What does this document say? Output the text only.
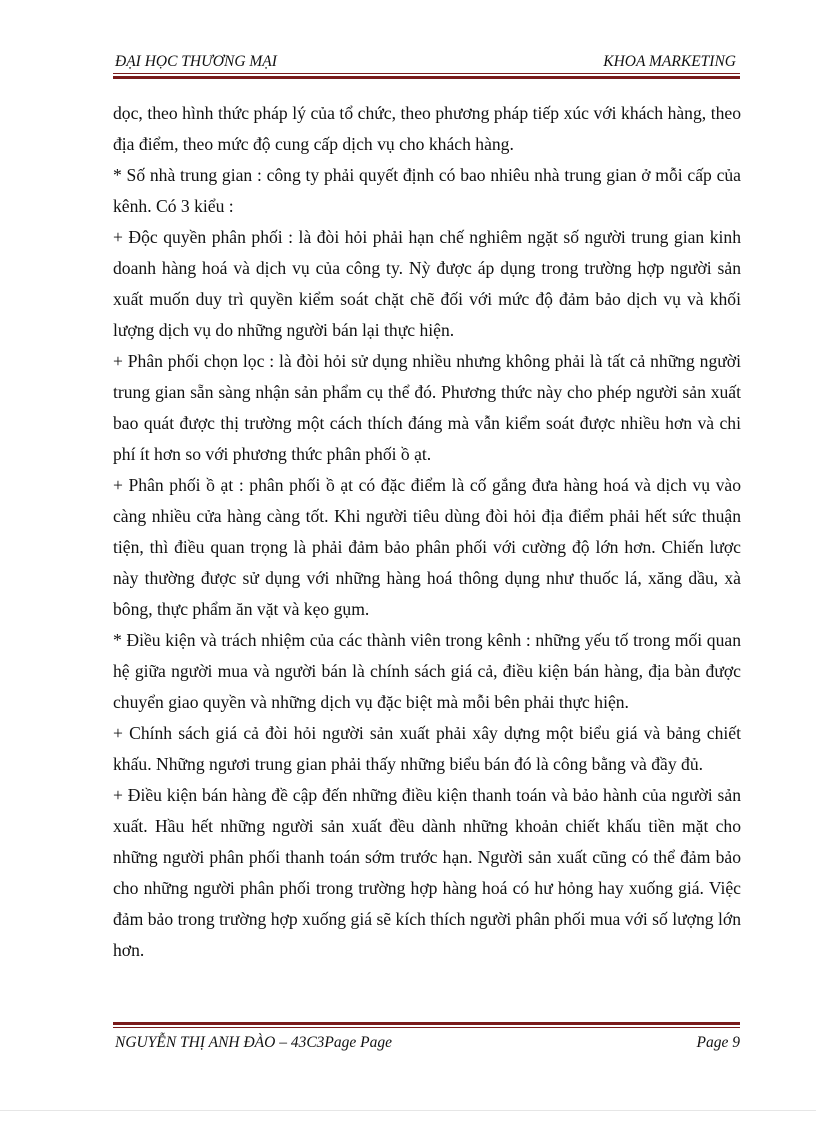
ĐẠI HỌC THƯƠNG MẠI	KHOA MARKETING

dọc, theo hình thức pháp lý của tổ chức, theo phương pháp tiếp xúc với khách hàng, theo địa điểm, theo mức độ cung cấp dịch vụ cho khách hàng.

* Số nhà trung gian : công ty phải quyết định có bao nhiêu nhà trung gian ở mỗi cấp của kênh. Có 3 kiểu :

+ Độc quyền phân phối : là đòi hỏi phải hạn chế nghiêm ngặt số người trung gian kinh doanh hàng hoá và dịch vụ của công ty. Nỳ được áp dụng trong trường hợp người sản xuất muốn duy trì quyền kiểm soát chặt chẽ đối với mức độ đảm bảo dịch vụ và khối lượng dịch vụ do những người bán lại thực hiện.

+ Phân phối chọn lọc : là đòi hỏi sử dụng nhiều nhưng không phải là tất cả những người trung gian sẵn sàng nhận sản phẩm cụ thể đó. Phương thức này cho phép người sản xuất bao quát được thị trường một cách thích đáng mà vẫn kiểm soát được nhiều hơn và chi phí ít hơn so với phương thức phân phối ồ ạt.

+ Phân phối ồ ạt : phân phối ồ ạt có đặc điểm là cố gắng đưa hàng hoá và dịch vụ vào càng nhiều cửa hàng càng tốt. Khi người tiêu dùng đòi hỏi địa điểm phải hết sức thuận tiện, thì điều quan trọng là phải đảm bảo phân phối với cường độ lớn hơn. Chiến lược này thường được sử dụng với những hàng hoá thông dụng như thuốc lá, xăng dầu, xà bông, thực phẩm ăn vặt và kẹo gụm.

* Điều kiện và trách nhiệm của các thành viên trong kênh : những yếu tố trong mối quan hệ giữa người mua và người bán là chính sách giá cả, điều kiện bán hàng, địa bàn được chuyển giao quyền và những dịch vụ đặc biệt mà mỗi bên phải thực hiện.

+ Chính sách giá cả đòi hỏi người sản xuất phải xây dựng một biểu giá và bảng chiết khấu. Những ngươi trung gian phải thấy những biểu bán đó là công bằng và đầy đủ.

+ Điều kiện bán hàng đề cập đến những điều kiện thanh toán và bảo hành của người sản xuất. Hầu hết những người sản xuất đều dành những khoản chiết khấu tiền mặt cho những người phân phối thanh toán sớm trước hạn. Người sản xuất cũng có thể đảm bảo cho những người phân phối trong trường hợp hàng hoá có hư hỏng hay xuống giá. Việc đảm bảo trong trường hợp xuống giá sẽ kích thích người phân phối mua với số lượng lớn hơn.

NGUYỄN THỊ ANH ĐÀO – 43C3Page Page	Page 9
